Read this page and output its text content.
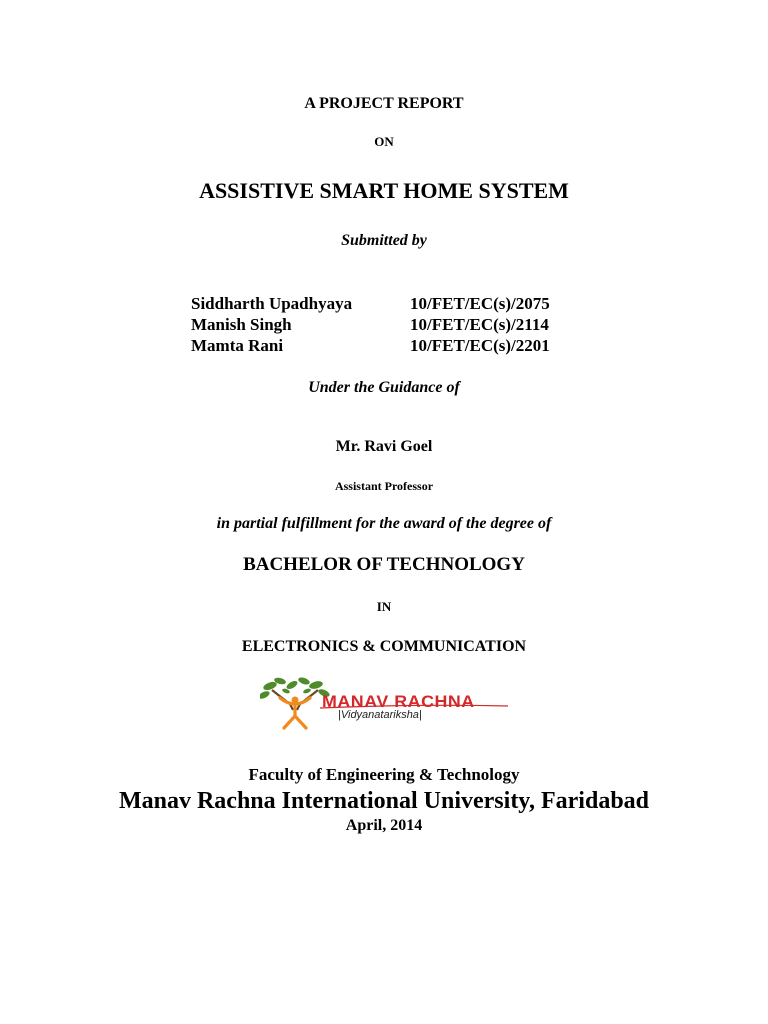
A PROJECT REPORT
ON
ASSISTIVE SMART HOME SYSTEM
Submitted by
Siddharth Upadhyaya	10/FET/EC(s)/2075
Manish Singh	10/FET/EC(s)/2114
Mamta Rani	10/FET/EC(s)/2201
Under the Guidance of
Mr. Ravi Goel
Assistant Professor
in partial fulfillment for the award of the degree of
BACHELOR OF TECHNOLOGY
IN
ELECTRONICS & COMMUNICATION
MANAV RACHNA
|Vidyanatariksha|
Faculty of Engineering & Technology
Manav Rachna International University, Faridabad
April, 2014
